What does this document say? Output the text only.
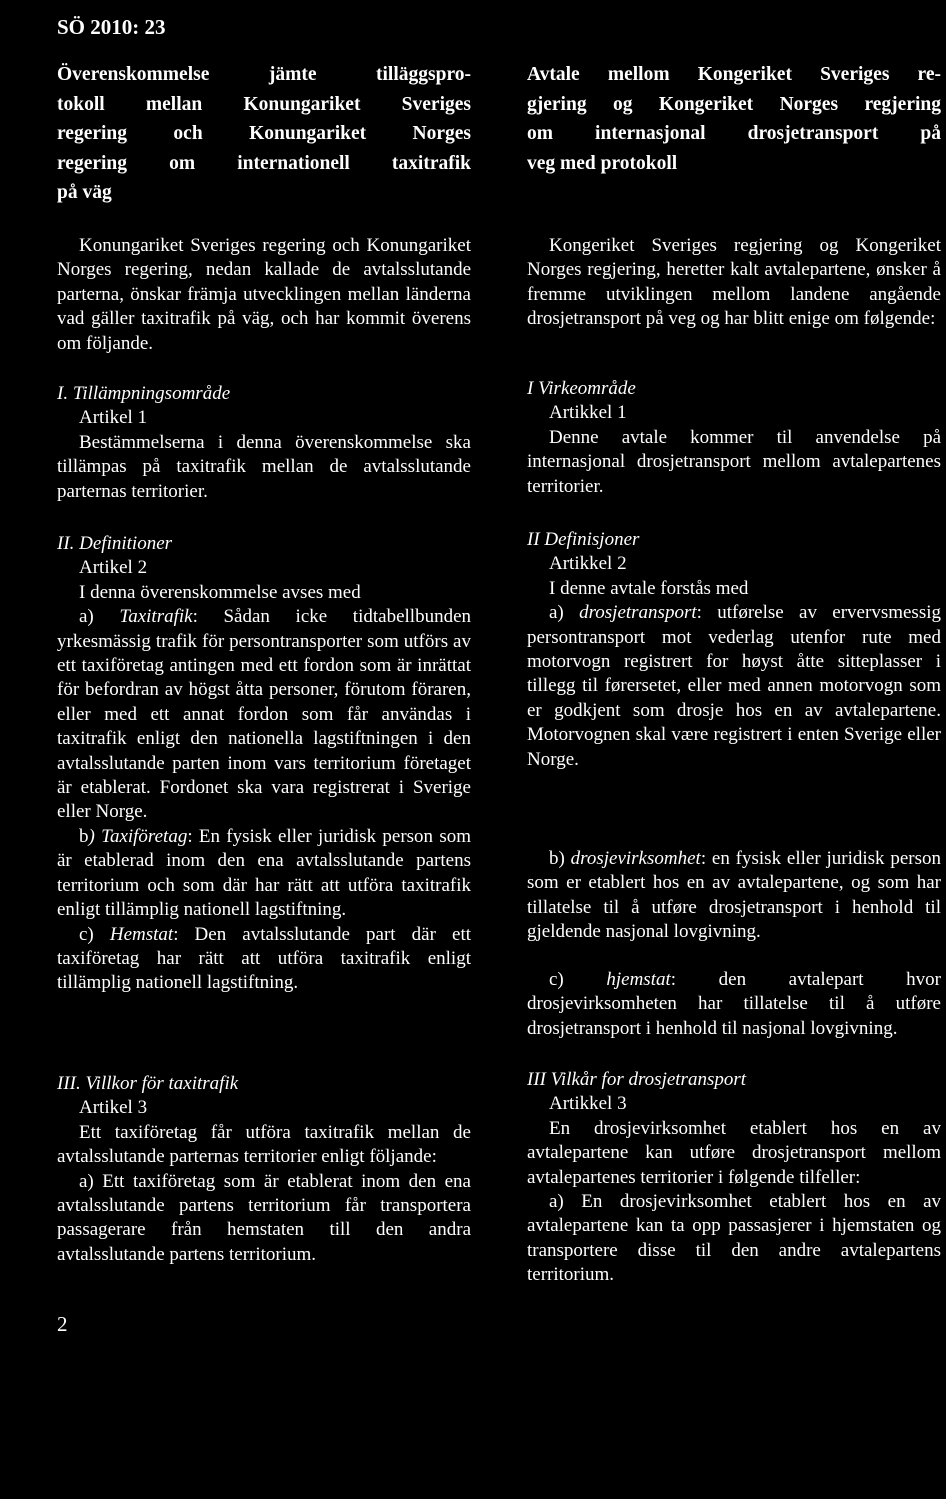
SÖ 2010: 23
Överenskommelse jämte tilläggspro-
tokoll mellan Konungariket Sveriges
regering och Konungariket Norges
regering om internationell taxitrafik
på väg
Konungariket Sveriges regering och Konungariket Norges regering, nedan kallade de avtalsslutande parterna, önskar främja utvecklingen mellan länderna vad gäller taxitrafik på väg, och har kommit överens om följande.
I. Tillämpningsområde
Artikel 1
Bestämmelserna i denna överenskommelse ska tillämpas på taxitrafik mellan de avtalsslutande parternas territorier.
II. Definitioner
Artikel 2
I denna överenskommelse avses med
a) Taxitrafik: Sådan icke tidtabellbunden yrkesmässig trafik för persontransporter som utförs av ett taxiföretag antingen med ett fordon som är inrättat för befordran av högst åtta personer, förutom föraren, eller med ett annat fordon som får användas i taxitrafik enligt den nationella lagstiftningen i den avtalsslutande parten inom vars territorium företaget är etablerat. Fordonet ska vara registrerat i Sverige eller Norge.
b) Taxiföretag: En fysisk eller juridisk person som är etablerad inom den ena avtalsslutande partens territorium och som där har rätt att utföra taxitrafik enligt tillämplig nationell lagstiftning.
c) Hemstat: Den avtalsslutande part där ett taxiföretag har rätt att utföra taxitrafik enligt tillämplig nationell lagstiftning.
III. Villkor för taxitrafik
Artikel 3
Ett taxiföretag får utföra taxitrafik mellan de avtalsslutande parternas territorier enligt följande:
a) Ett taxiföretag som är etablerat inom den ena avtalsslutande partens territorium får transportera passagerare från hemstaten till den andra avtalsslutande partens territorium.
Avtale mellom Kongeriket Sveriges re-
gjering og Kongeriket Norges regjering
om internasjonal drosjetransport på
veg med protokoll
Kongeriket Sveriges regjering og Kongeriket Norges regjering, heretter kalt avtalepartene, ønsker å fremme utviklingen mellom landene angående drosjetransport på veg og har blitt enige om følgende:
I Virkeområde
Artikkel 1
Denne avtale kommer til anvendelse på internasjonal drosjetransport mellom avtalepartenes territorier.
II Definisjoner
Artikkel 2
I denne avtale forstås med
a) drosjetransport: utførelse av ervervsmessig persontransport mot vederlag utenfor rute med motorvogn registrert for høyst åtte sitteplasser i tillegg til førersetet, eller med annen motorvogn som er godkjent som drosje hos en av avtalepartene. Motorvognen skal være registrert i enten Sverige eller Norge.
b) drosjevirksomhet: en fysisk eller juridisk person som er etablert hos en av avtalepartene, og som har tillatelse til å utføre drosjetransport i henhold til gjeldende nasjonal lovgivning.
c) hjemstat: den avtalepart hvor drosjevirksomheten har tillatelse til å utføre drosjetransport i henhold til nasjonal lovgivning.
III Vilkår for drosjetransport
Artikkel 3
En drosjevirksomhet etablert hos en av avtalepartene kan utføre drosjetransport mellom avtalepartenes territorier i følgende tilfeller:
a) En drosjevirksomhet etablert hos en av avtalepartene kan ta opp passasjerer i hjemstaten og transportere disse til den andre avtalepartens territorium.
2
